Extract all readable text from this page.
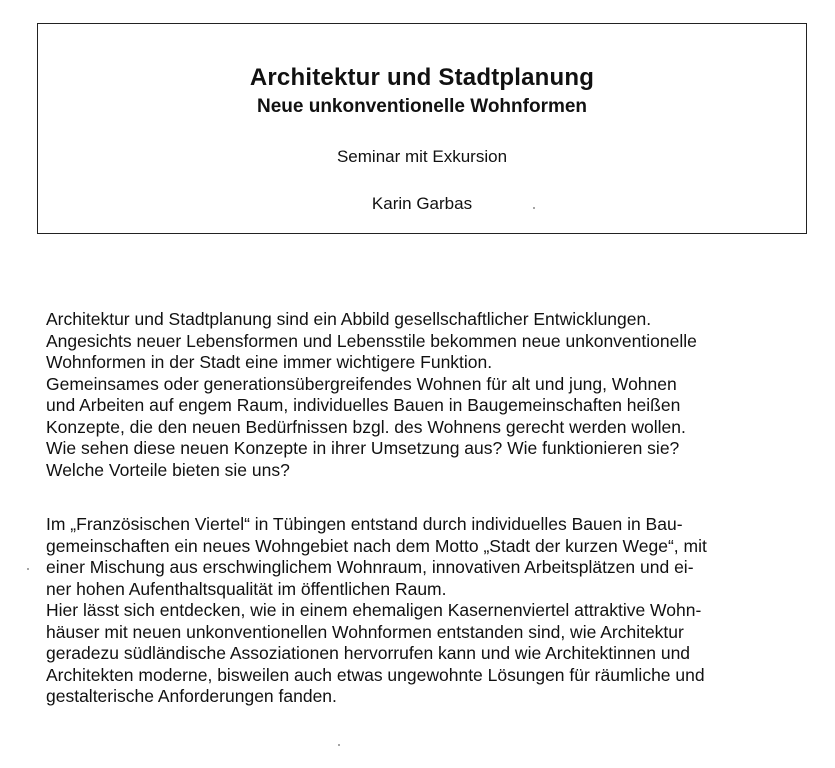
Architektur und Stadtplanung
Neue unkonventionelle Wohnformen

Seminar mit Exkursion

Karin Garbas

Architektur und Stadtplanung sind ein Abbild gesellschaftlicher Entwicklungen.
Angesichts neuer Lebensformen und Lebensstile bekommen neue unkonventionelle
Wohnformen in der Stadt eine immer wichtigere Funktion.
Gemeinsames oder generationsübergreifendes Wohnen für alt und jung, Wohnen
und Arbeiten auf engem Raum, individuelles Bauen in Baugemeinschaften heißen
Konzepte, die den neuen Bedürfnissen bzgl. des Wohnens gerecht werden wollen.
Wie sehen diese neuen Konzepte in ihrer Umsetzung aus? Wie funktionieren sie?
Welche Vorteile bieten sie uns?
Im „Französischen Viertel“ in Tübingen entstand durch individuelles Bauen in Bau-
gemeinschaften ein neues Wohngebiet nach dem Motto „Stadt der kurzen Wege“, mit
einer Mischung aus erschwinglichem Wohnraum, innovativen Arbeitsplätzen und ei-
ner hohen Aufenthaltsqualität im öffentlichen Raum.
Hier lässt sich entdecken, wie in einem ehemaligen Kasernenviertel attraktive Wohn-
häuser mit neuen unkonventionellen Wohnformen entstanden sind, wie Architektur
geradezu südländische Assoziationen hervorrufen kann und wie Architektinnen und
Architekten moderne, bisweilen auch etwas ungewohnte Lösungen für räumliche und
gestalterische Anforderungen fanden.
